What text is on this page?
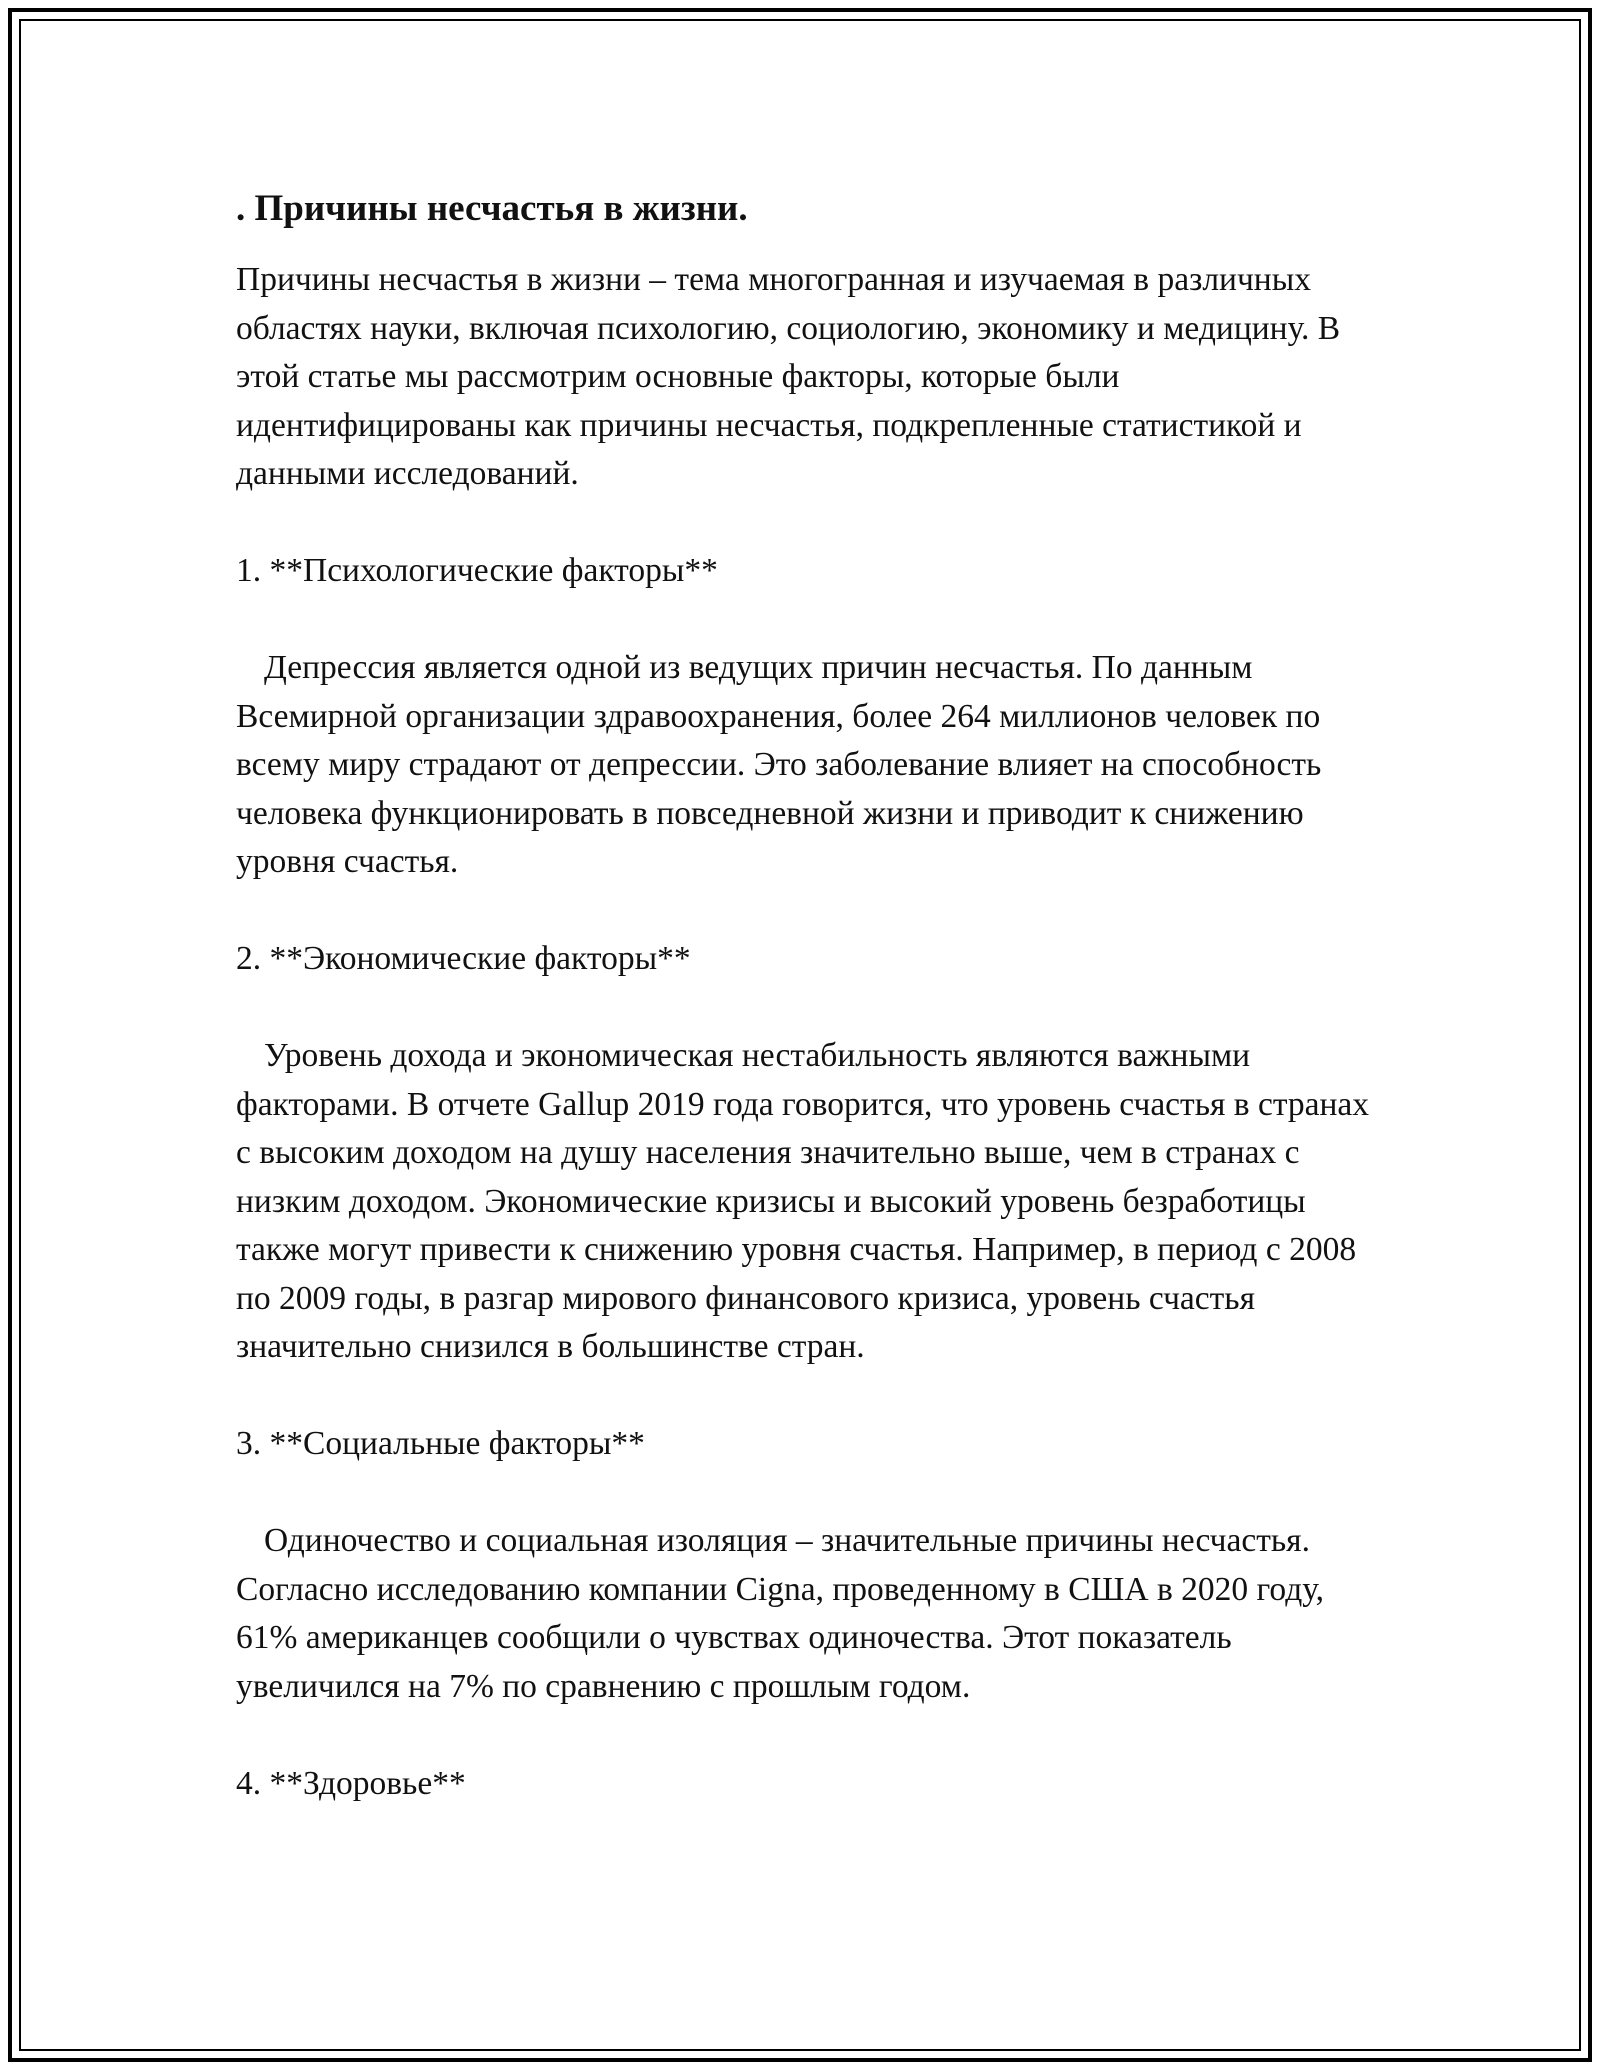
. Причины несчастья в жизни.

Причины несчастья в жизни – тема многогранная и изучаемая в различных областях науки, включая психологию, социологию, экономику и медицину. В этой статье мы рассмотрим основные факторы, которые были идентифицированы как причины несчастья, подкрепленные статистикой и данными исследований.

1. **Психологические факторы**

Депрессия является одной из ведущих причин несчастья. По данным Всемирной организации здравоохранения, более 264 миллионов человек по всему миру страдают от депрессии. Это заболевание влияет на способность человека функционировать в повседневной жизни и приводит к снижению уровня счастья.

2. **Экономические факторы**

Уровень дохода и экономическая нестабильность являются важными факторами. В отчете Gallup 2019 года говорится, что уровень счастья в странах с высоким доходом на душу населения значительно выше, чем в странах с низким доходом. Экономические кризисы и высокий уровень безработицы также могут привести к снижению уровня счастья. Например, в период с 2008 по 2009 годы, в разгар мирового финансового кризиса, уровень счастья значительно снизился в большинстве стран.

3. **Социальные факторы**

Одиночество и социальная изоляция – значительные причины несчастья. Согласно исследованию компании Cigna, проведенному в США в 2020 году, 61% американцев сообщили о чувствах одиночества. Этот показатель увеличился на 7% по сравнению с прошлым годом.

4. **Здоровье**
